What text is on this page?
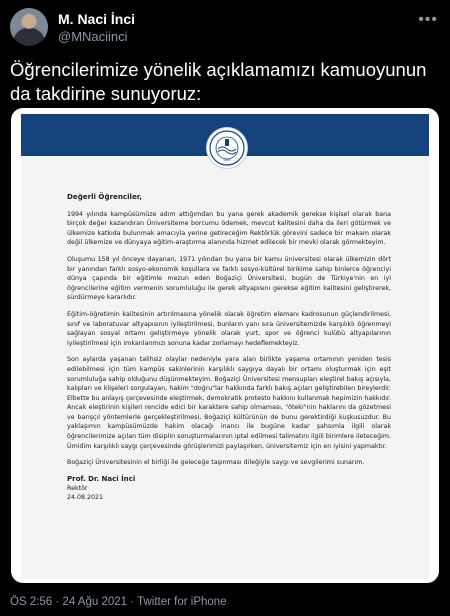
M. Naci İnci
@MNaciinci
•••
Öğrencilerimize yönelik açıklamamızı kamuoyunun da takdirine sunuyoruz:
1863
Değerli Öğrenciler,

1994 yılında kampüsümüze adım attığımdan bu yana gerek akademik gerekse kişisel olarak bana birçok değer kazandıran Üniversiteme borcumu ödemek, mevcut kalitesini daha da ileri götürmek ve ülkemize katkıda bulunmak amacıyla yerine getireceğim Rektörlük görevini sadece bir makam olarak değil ülkemize ve dünyaya eğitim-araştırma alanında hizmet edilecek bir mevki olarak görmekteyim.

Oluşumu 158 yıl önceye dayanan, 1971 yılından bu yana bir kamu üniversitesi olarak ülkemizin dört bir yanından farklı sosyo-ekonomik koşullara ve farklı sosyo-kültürel birikime sahip binlerce öğrenciyi dünya çapında bir eğitimle mezun eden Boğaziçi Üniversitesi, bugün de Türkiye'nin en iyi öğrencilerine eğitim vermenin sorumluluğu ile gerek altyapısını gerekse eğitim kalitesini geliştirerek, sürdürmeye kararlıdır.

Eğitim-öğretimin kalitesinin artırılmasına yönelik olarak öğretim elemanı kadrosunun güçlendirilmesi, sınıf ve laboratuvar altyapısının iyileştirilmesi, bunların yanı sıra üniversitemizde karşılıklı öğrenmeyi sağlayan sosyal ortamı geliştirmeye yönelik olarak yurt, spor ve öğrenci kulübü altyapılarının iyileştirilmesi için imkanlarımızı sonuna kadar zorlamayı hedeflemekteyiz.

Son aylarda yaşanan talihsiz olaylar nedeniyle yara alan birlikte yaşama ortamının yeniden tesis edilebilmesi için tüm kampüs sakinlerinin karşılıklı saygıya dayalı bir ortamı oluşturmak için eşit sorumluluğa sahip olduğunu düşünmekteyim. Boğaziçi Üniversitesi mensupları eleştirel bakış açısıyla, kalıpları ve klişeleri sorgulayan, hakim "doğru"lar hakkında farklı bakış açıları geliştirebilen bireylerdir. Elbette bu anlayış çerçevesinde eleştirmek, demokratik protesto hakkını kullanmak hepimizin hakkıdır. Ancak eleştirinin kişileri rencide edici bir karaktere sahip olmaması, "öteki"nin haklarını da gözetmesi ve barışçıl yöntemlerle gerçekleştirilmesi, Boğaziçi kültürünün de bunu gerektirdiği kuşkusuzdur. Bu yaklaşımın kampüsümüzde hakim olacağı inancı ile bugüne kadar şahsımla ilgili olarak öğrencilerimize açılan tüm disiplin soruşturmalarının iptal edilmesi talimatını ilgili birimlere ileteceğim. Ümidim karşılıklı saygı çerçevesinde görüşlerimizi paylaşırken, üniversitemiz için en iyisini yapmaktır.

Boğaziçi Üniversitesinin el birliği ile geleceğe taşınması dileğiyle saygı ve sevgilerimi sunarım.

Prof. Dr. Naci İnci
Rektör
24.08.2021
ÖS 2:56 · 24 Ağu 2021 · Twitter for iPhone
